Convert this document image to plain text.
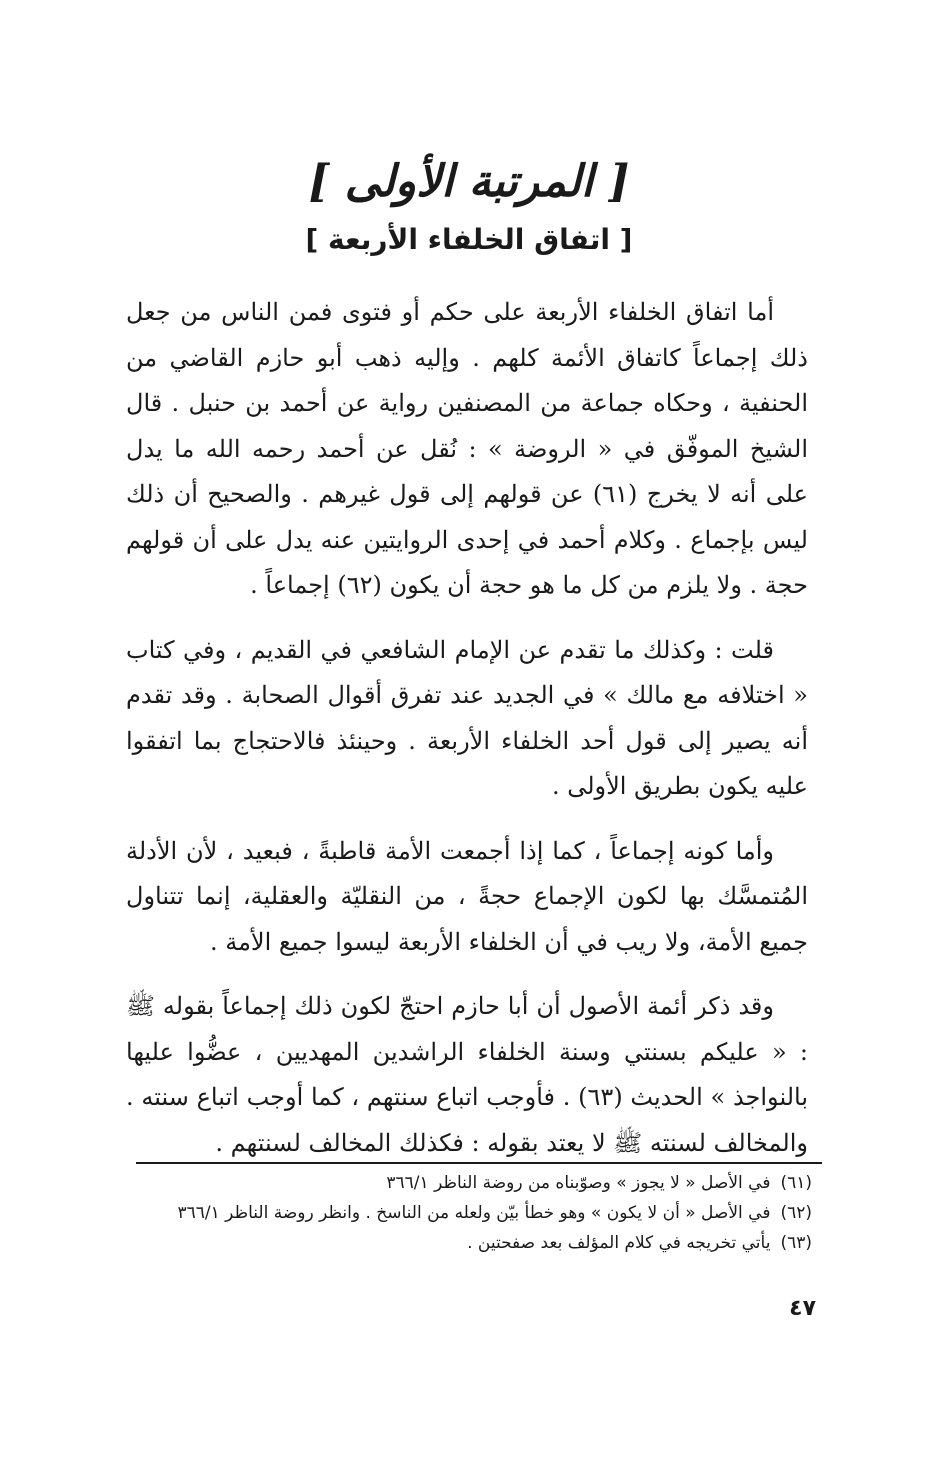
[ المرتبة الأولى ]
[ اتفاق الخلفاء الأربعة ]

أما اتفاق الخلفاء الأربعة على حكم أو فتوى فمن الناس من جعل ذلك إجماعاً كاتفاق الأئمة كلهم . وإليه ذهب أبو حازم القاضي من الحنفية ، وحكاه جماعة من المصنفين رواية عن أحمد بن حنبل . قال الشيخ الموفّق في « الروضة » : نُقل عن أحمد رحمه الله ما يدل على أنه لا يخرج (٦١) عن قولهم إلى قول غيرهم . والصحيح أن ذلك ليس بإجماع . وكلام أحمد في إحدى الروايتين عنه يدل على أن قولهم حجة . ولا يلزم من كل ما هو حجة أن يكون (٦٢) إجماعاً .

قلت : وكذلك ما تقدم عن الإمام الشافعي في القديم ، وفي كتاب « اختلافه مع مالك » في الجديد عند تفرق أقوال الصحابة . وقد تقدم أنه يصير إلى قول أحد الخلفاء الأربعة . وحينئذ فالاحتجاج بما اتفقوا عليه يكون بطريق الأولى .

وأما كونه إجماعاً ، كما إذا أجمعت الأمة قاطبةً ، فبعيد ، لأن الأدلة المُتمسَّك بها لكون الإجماع حجةً ، من النقليّة والعقلية، إنما تتناول جميع الأمة، ولا ريب في أن الخلفاء الأربعة ليسوا جميع الأمة .

وقد ذكر أئمة الأصول أن أبا حازم احتجّ لكون ذلك إجماعاً بقوله ﷺ : « عليكم بسنتي وسنة الخلفاء الراشدين المهديين ، عضُّوا عليها بالنواجذ » الحديث (٦٣) . فأوجب اتباع سنتهم ، كما أوجب اتباع سنته . والمخالف لسنته ﷺ لا يعتد بقوله : فكذلك المخالف لسنتهم .

(٦١)في الأصل « لا يجوز » وصوّبناه من روضة الناظر ٣٦٦/١
(٦٢)في الأصل « أن لا يكون » وهو خطأ بيّن ولعله من الناسخ . وانظر روضة الناظر ٣٦٦/١
(٦٣)يأتي تخريجه في كلام المؤلف بعد صفحتين .
٤٧
